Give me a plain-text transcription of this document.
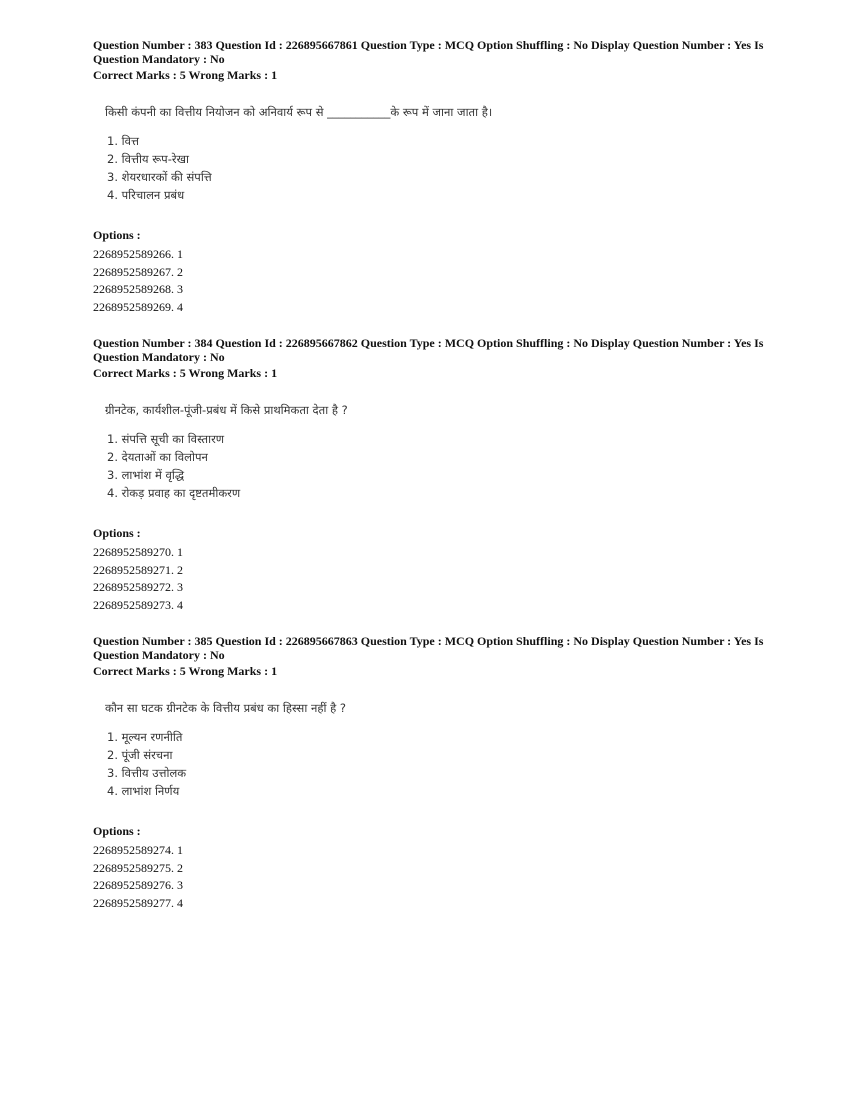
Question Number : 383 Question Id : 226895667861 Question Type : MCQ Option Shuffling : No Display Question Number : Yes Is Question Mandatory : No
Correct Marks : 5 Wrong Marks : 1
किसी कंपनी का वित्तीय नियोजन को अनिवार्य रूप से ___________के रूप में जाना जाता है।
1. वित्त
2. वित्तीय रूप-रेखा
3. शेयरधारकों की संपत्ति
4. परिचालन प्रबंध
Options :
2268952589266. 1
2268952589267. 2
2268952589268. 3
2268952589269. 4
Question Number : 384 Question Id : 226895667862 Question Type : MCQ Option Shuffling : No Display Question Number : Yes Is Question Mandatory : No
Correct Marks : 5 Wrong Marks : 1
ग्रीनटेक, कार्यशील-पूंजी-प्रबंध में किसे प्राथमिकता देता है ?
1. संपत्ति सूची का विस्तारण
2. देयताओं का विलोपन
3. लाभांश में वृद्धि
4. रोकड़ प्रवाह का दृष्टतमीकरण
Options :
2268952589270. 1
2268952589271. 2
2268952589272. 3
2268952589273. 4
Question Number : 385 Question Id : 226895667863 Question Type : MCQ Option Shuffling : No Display Question Number : Yes Is Question Mandatory : No
Correct Marks : 5 Wrong Marks : 1
कौन सा घटक ग्रीनटेक के वित्तीय प्रबंध का हिस्सा नहीं है ?
1. मूल्यन रणनीति
2. पूंजी संरचना
3. वित्तीय उत्तोलक
4. लाभांश निर्णय
Options :
2268952589274. 1
2268952589275. 2
2268952589276. 3
2268952589277. 4
